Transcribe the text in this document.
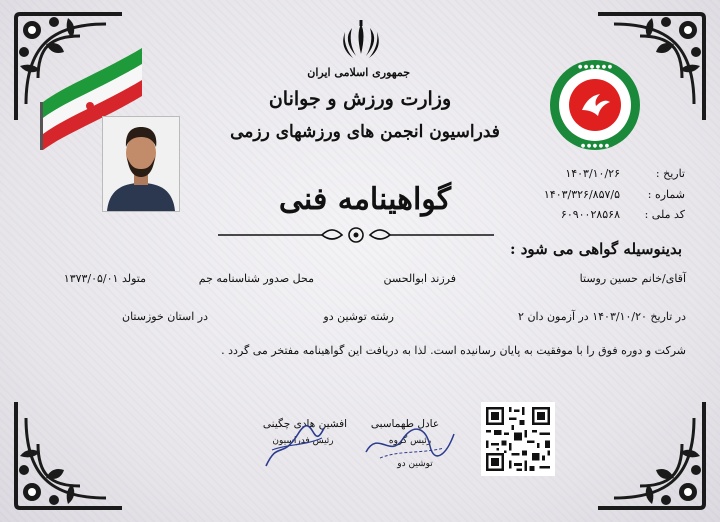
جمهوری اسلامی ایران
وزارت ورزش و جوانان
فدراسیون انجمن های ورزشهای رزمی
گواهینامه فنی
● ● ● ● ● ●
● ● ● ● ●
تاریخ :
۱۴۰۳/۱۰/۲۶
شماره :
۱۴۰۳/۳۲۶/۸۵۷/۵
کد ملی :
۶۰۹۰۰۲۸۵۶۸
بدینوسیله گواهی می شود :
آقای/خانم حسین روستا
فرزند ابوالحسن
محل صدور شناسنامه جم
متولد ۱۳۷۳/۰۵/۰۱
در تاریخ ۱۴۰۳/۱۰/۲۰ در آزمون دان ۲
رشته توشین دو
در استان خوزستان
شرکت و دوره فوق را با موفقیت به پایان رسانیده است. لذا به دریافت این گواهینامه مفتخر می گردد .
عادل طهماسبی
رئیس گروه
توشین دو
افشین هادی چگینی
رئیس فدراسیون
